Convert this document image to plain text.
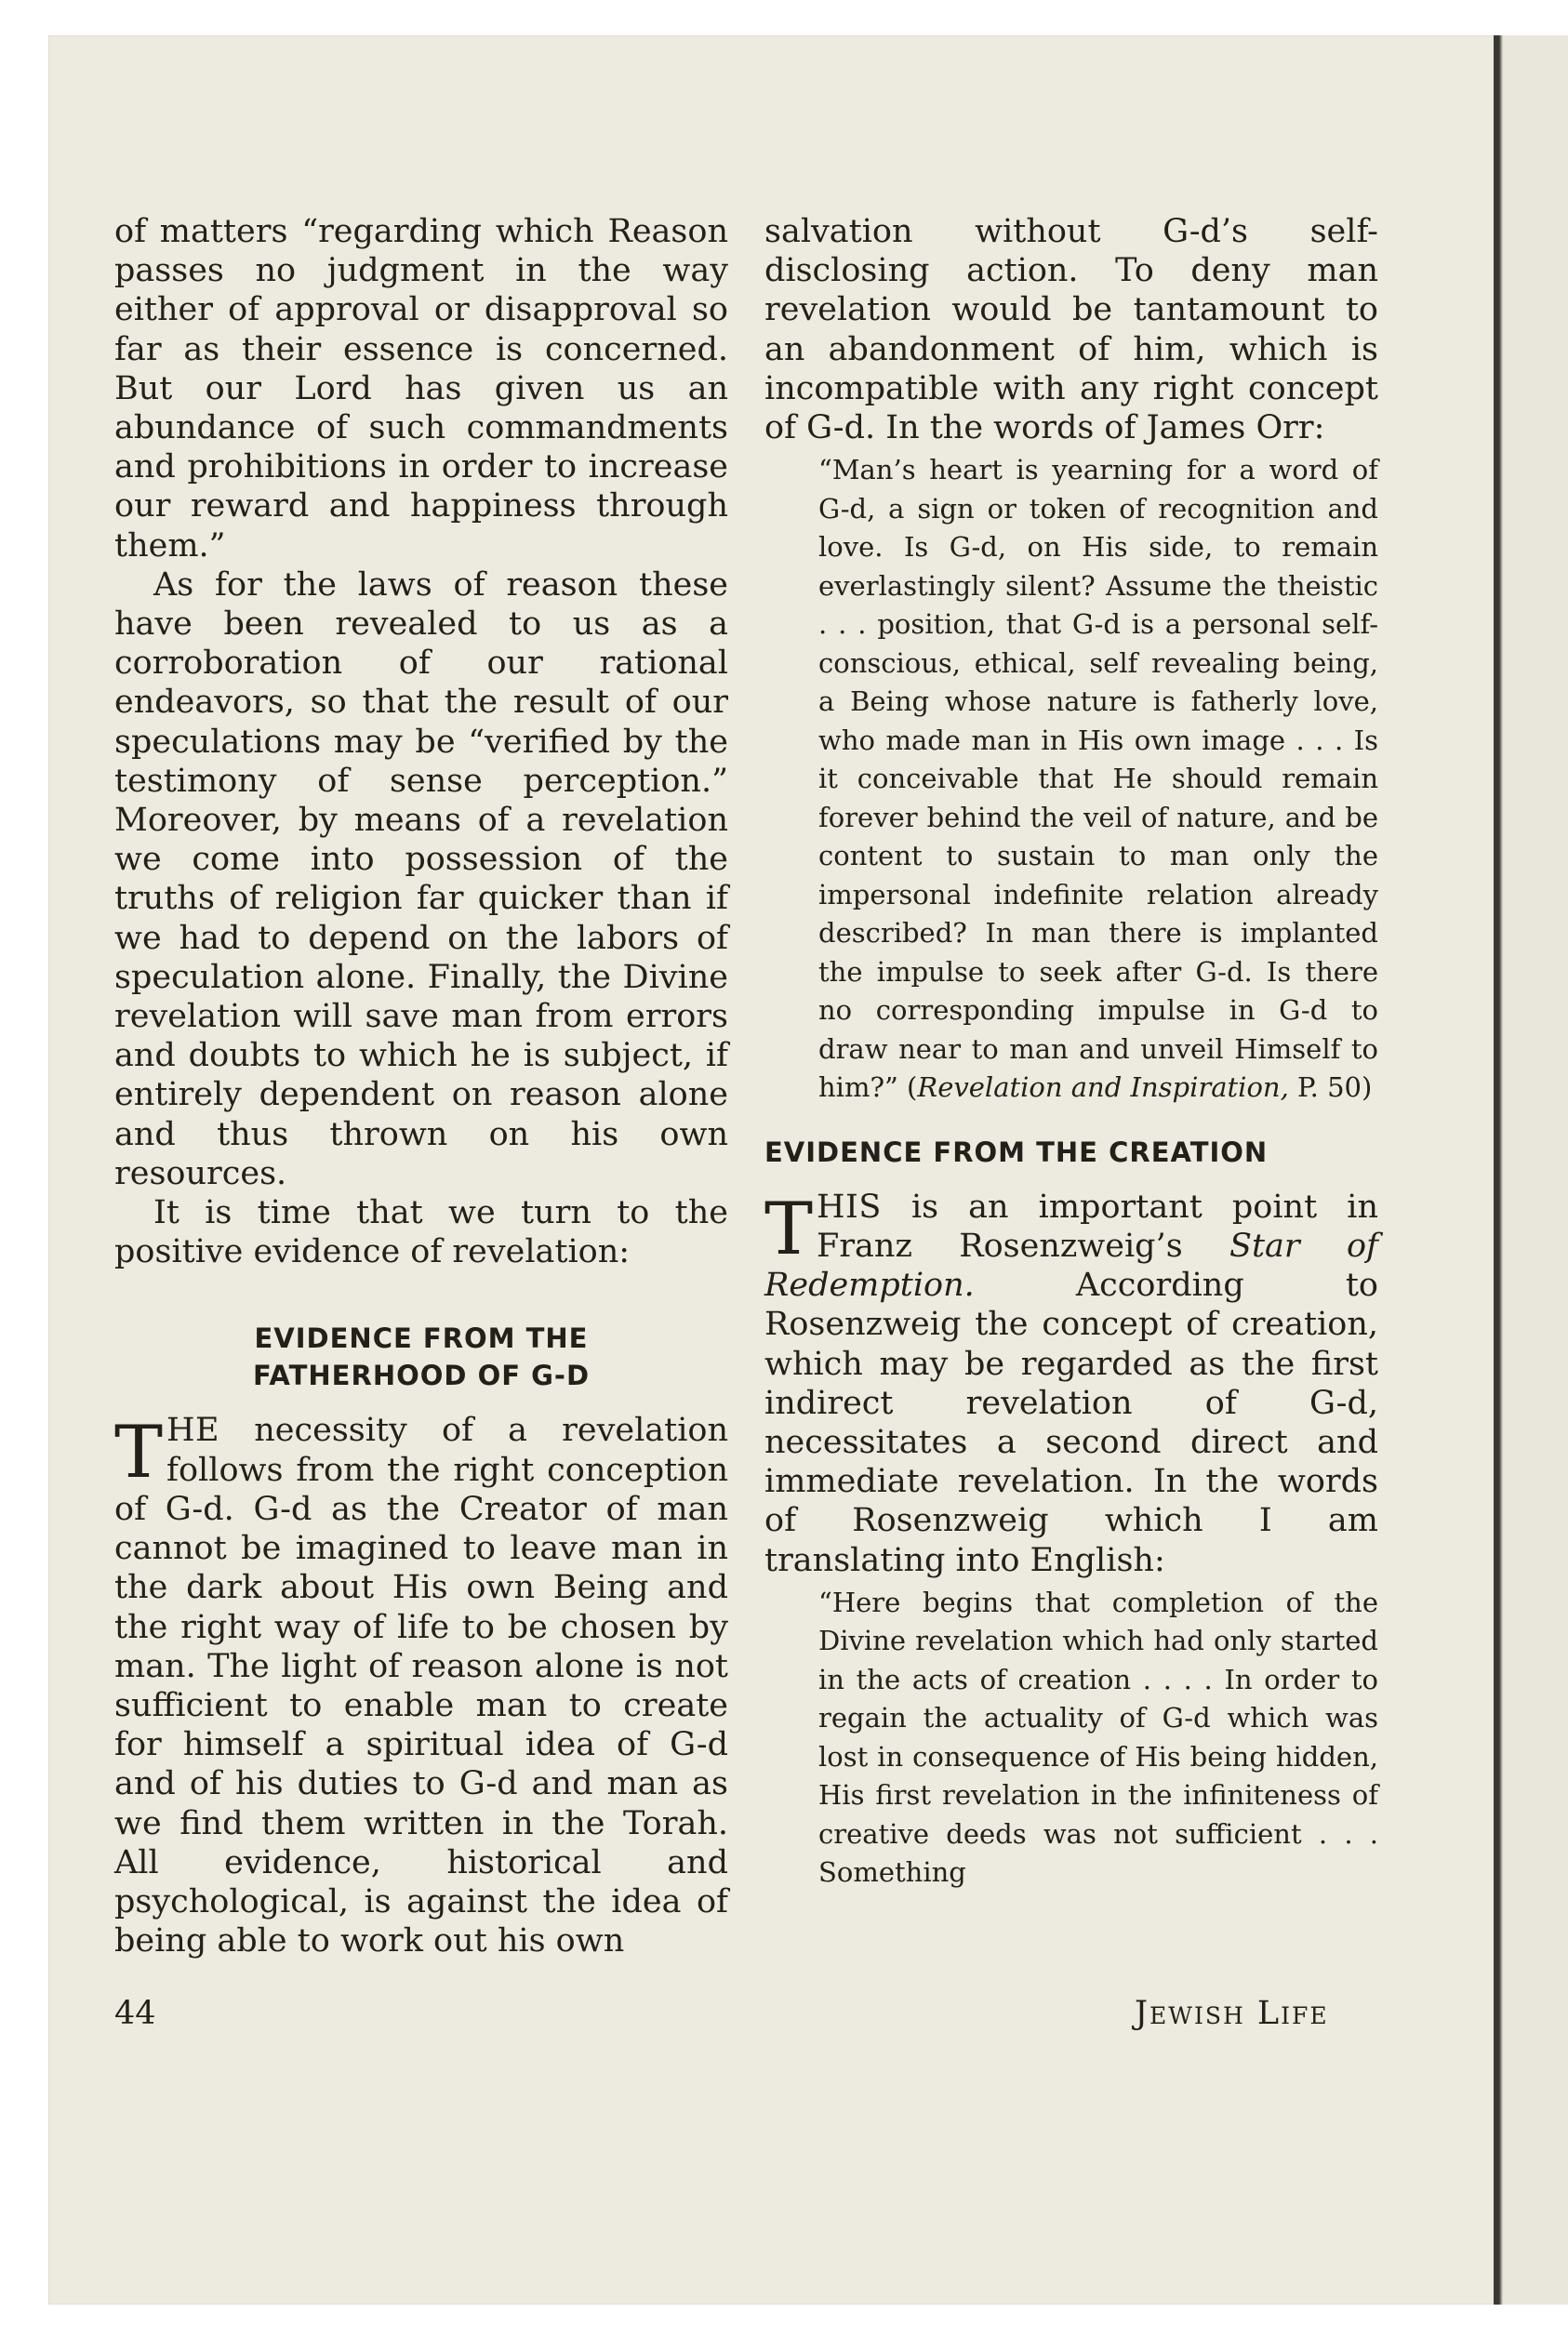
of matters “regarding which Reason passes no judgment in the way either of approval or disapproval so far as their essence is concerned. But our Lord has given us an abundance of such commandments and prohibitions in order to increase our reward and happiness through them.”

As for the laws of reason these have been revealed to us as a corroboration of our rational endeavors, so that the result of our speculations may be “verified by the testimony of sense perception.” Moreover, by means of a revelation we come into possession of the truths of religion far quicker than if we had to depend on the labors of speculation alone. Finally, the Divine revelation will save man from errors and doubts to which he is subject, if entirely dependent on reason alone and thus thrown on his own resources.

It is time that we turn to the positive evidence of revelation:

EVIDENCE FROM THE
FATHERHOOD OF G-D

THE necessity of a revelation follows from the right conception of G-d. G-d as the Creator of man cannot be imagined to leave man in the dark about His own Being and the right way of life to be chosen by man. The light of reason alone is not sufficient to enable man to create for himself a spiritual idea of G-d and of his duties to G-d and man as we find them written in the Torah. All evidence, historical and psychological, is against the idea of being able to work out his own

salvation without G-d’s self-disclosing action. To deny man revelation would be tantamount to an abandonment of him, which is incompatible with any right concept of G-d. In the words of James Orr:

“Man’s heart is yearning for a word of G-d, a sign or token of recognition and love. Is G-d, on His side, to remain everlastingly silent? Assume the theistic . . . position, that G-d is a personal self-conscious, ethical, self revealing being, a Being whose nature is fatherly love, who made man in His own image . . . Is it conceivable that He should remain forever behind the veil of nature, and be content to sustain to man only the impersonal indefinite relation already described? In man there is implanted the impulse to seek after G-d. Is there no corresponding impulse in G-d to draw near to man and unveil Himself to him?” (Revelation and Inspiration, P. 50)
EVIDENCE FROM THE CREATION

THIS is an important point in Franz Rosenzweig’s Star of Redemption. According to Rosenzweig the concept of creation, which may be regarded as the first indirect revelation of G-d, necessitates a second direct and immediate revelation. In the words of Rosenzweig which I am translating into English:

“Here begins that completion of the Divine revelation which had only started in the acts of creation . . . . In order to regain the actuality of G-d which was lost in consequence of His being hidden, His first revelation in the infiniteness of creative deeds was not sufficient . . . Something
44	Jewish Life
